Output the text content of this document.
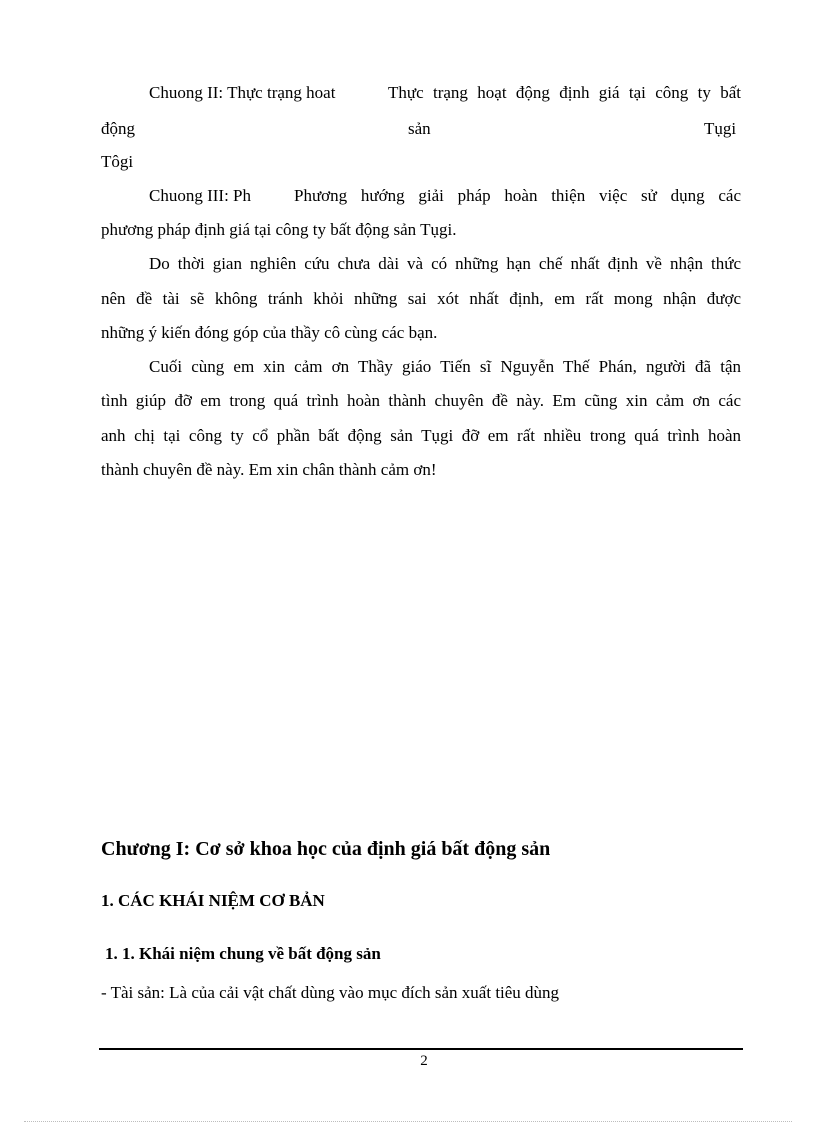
Chuong II: Thực trạng hoat	Thực trạng hoạt động định giá tại công ty bất
động	sản	Tụgi
Tôgi
Chuong III: Ph	Phương hướng giải pháp hoàn thiện việc sử dụng các
phương pháp định giá tại công ty bất động sản Tụgi.
Do thời gian nghiên cứu chưa dài và có những hạn chế nhất định về nhận thức
nên đề tài sẽ không tránh khỏi những sai xót nhất định, em rất mong nhận được
những ý kiến đóng góp của thầy cô cùng các bạn.
Cuối cùng em xin cảm ơn Thầy giáo Tiến sĩ Nguyễn Thế Phán, người đã tận
tình giúp đỡ em trong quá trình hoàn thành chuyên đề này. Em cũng xin cảm ơn các
anh chị tại công ty cổ phần bất động sản Tụgi đỡ em rất nhiều trong quá trình hoàn
thành chuyên đề này. Em xin chân thành cảm ơn!
Chương I: Cơ sở khoa học của định giá bất động sản
1. CÁC KHÁI NIỆM CƠ BẢN
1. 1. Khái niệm chung về bất động sản
- Tài sản: Là của cải vật chất dùng vào mục đích sản xuất tiêu dùng
2
